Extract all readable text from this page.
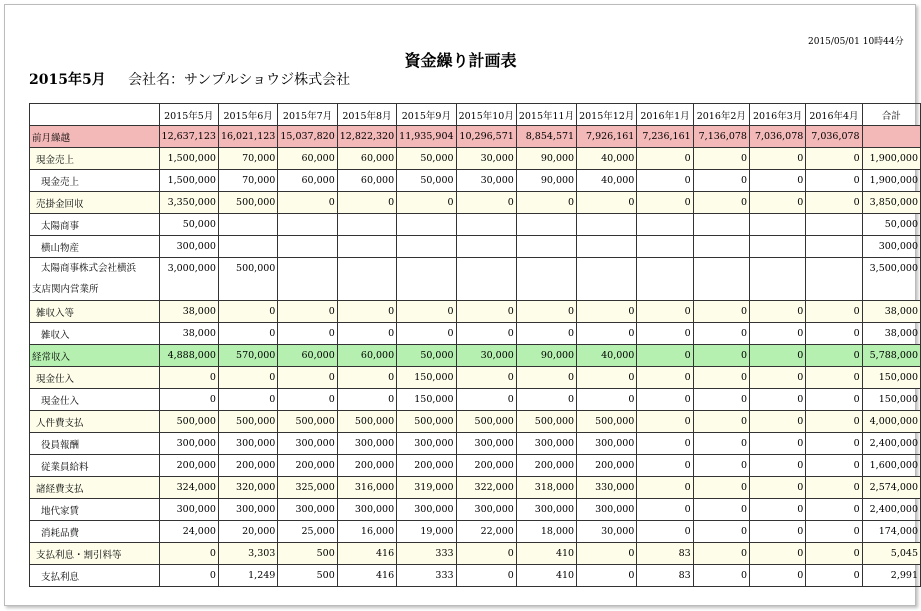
2015/05/01 10時44分
資金繰り計画表
2015年5月 会社名：サンプルショウジ株式会社
	2015年5月	2015年6月	2015年7月	2015年8月	2015年9月	2015年10月	2015年11月	2015年12月	2016年1月	2016年2月	2016年3月	2016年4月	合計
前月繰越	12,637,123	16,021,123	15,037,820	12,822,320	11,935,904	10,296,571	8,854,571	7,926,161	7,236,161	7,136,078	7,036,078	7,036,078	
現金売上	1,500,000	70,000	60,000	60,000	50,000	30,000	90,000	40,000	0	0	0	0	1,900,000
現金売上	1,500,000	70,000	60,000	60,000	50,000	30,000	90,000	40,000	0	0	0	0	1,900,000
売掛金回収	3,350,000	500,000	0	0	0	0	0	0	0	0	0	0	3,850,000
太陽商事	50,000												50,000
横山物産	300,000												300,000

太陽商事株式会社横浜
支店関内営業所	3,000,000	500,000											3,500,000
雑収入等	38,000	0	0	0	0	0	0	0	0	0	0	0	38,000
雑収入	38,000	0	0	0	0	0	0	0	0	0	0	0	38,000
経常収入	4,888,000	570,000	60,000	60,000	50,000	30,000	90,000	40,000	0	0	0	0	5,788,000
現金仕入	0	0	0	0	150,000	0	0	0	0	0	0	0	150,000
現金仕入	0	0	0	0	150,000	0	0	0	0	0	0	0	150,000
人件費支払	500,000	500,000	500,000	500,000	500,000	500,000	500,000	500,000	0	0	0	0	4,000,000
役員報酬	300,000	300,000	300,000	300,000	300,000	300,000	300,000	300,000	0	0	0	0	2,400,000
従業員給料	200,000	200,000	200,000	200,000	200,000	200,000	200,000	200,000	0	0	0	0	1,600,000
諸経費支払	324,000	320,000	325,000	316,000	319,000	322,000	318,000	330,000	0	0	0	0	2,574,000
地代家賃	300,000	300,000	300,000	300,000	300,000	300,000	300,000	300,000	0	0	0	0	2,400,000
消耗品費	24,000	20,000	25,000	16,000	19,000	22,000	18,000	30,000	0	0	0	0	174,000
支払利息・割引料等	0	3,303	500	416	333	0	410	0	83	0	0	0	5,045
支払利息	0	1,249	500	416	333	0	410	0	83	0	0	0	2,991
